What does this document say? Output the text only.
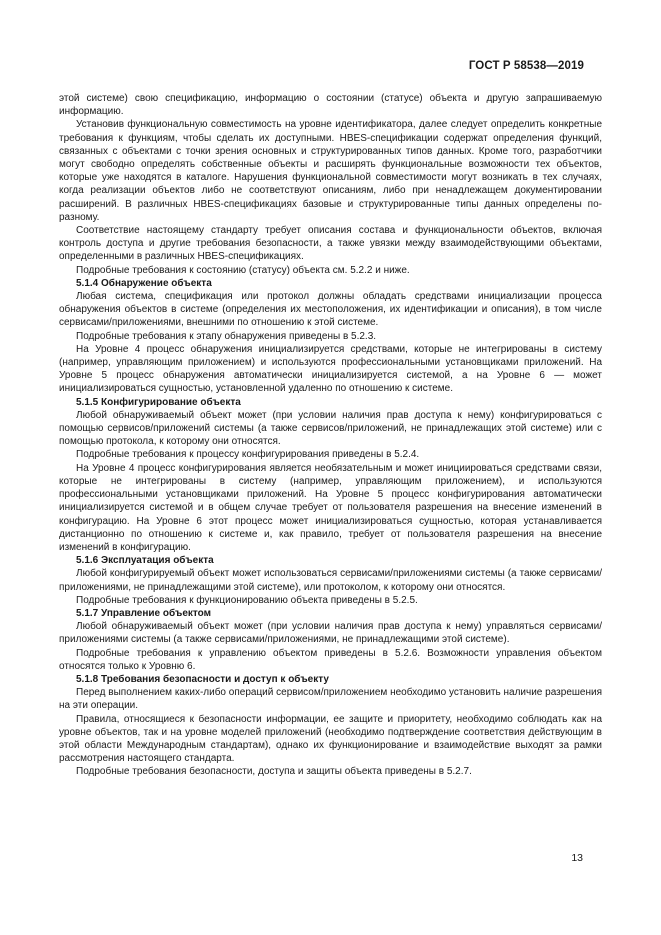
ГОСТ Р 58538—2019

этой системе) свою спецификацию, информацию о состоянии (статусе) объекта и другую запрашиваемую информацию.

Установив функциональную совместимость на уровне идентификатора, далее следует определить конкретные требования к функциям, чтобы сделать их доступными. HBES-спецификации содержат определения функций, связанных с объектами с точки зрения основных и структурированных типов данных. Кроме того, разработчики могут свободно определять собственные объекты и расширять функциональные возможности тех объектов, которые уже находятся в каталоге. Нарушения функциональной совместимости могут возникать в тех случаях, когда реализации объектов либо не соответствуют описаниям, либо при ненадлежащем документировании расширений. В различных HBES-спецификациях базовые и структурированные типы данных определены по-разному.

Соответствие настоящему стандарту требует описания состава и функциональности объектов, включая контроль доступа и другие требования безопасности, а также увязки между взаимодействующими объектами, определенными в различных HBES-спецификациях.

Подробные требования к состоянию (статусу) объекта см. 5.2.2 и ниже.

5.1.4 Обнаружение объекта

Любая система, спецификация или протокол должны обладать средствами инициализации процесса обнаружения объектов в системе (определения их местоположения, их идентификации и описания), в том числе сервисами/приложениями, внешними по отношению к этой системе.

Подробные требования к этапу обнаружения приведены в 5.2.3.

На Уровне 4 процесс обнаружения инициализируется средствами, которые не интегрированы в систему (например, управляющим приложением) и используются профессиональными установщиками приложений. На Уровне 5 процесс обнаружения автоматически инициализируется системой, а на Уровне 6 — может инициализироваться сущностью, установленной удаленно по отношению к системе.

5.1.5 Конфигурирование объекта

Любой обнаруживаемый объект может (при условии наличия прав доступа к нему) конфигурироваться с помощью сервисов/приложений системы (а также сервисов/приложений, не принадлежащих этой системе) или с помощью протокола, к которому они относятся.

Подробные требования к процессу конфигурирования приведены в 5.2.4.

На Уровне 4 процесс конфигурирования является необязательным и может инициироваться средствами связи, которые не интегрированы в систему (например, управляющим приложением), и используются профессиональными установщиками приложений. На Уровне 5 процесс конфигурирования автоматически инициализируется системой и в общем случае требует от пользователя разрешения на внесение изменений в конфигурацию. На Уровне 6 этот процесс может инициализироваться сущностью, которая устанавливается дистанционно по отношению к системе и, как правило, требует от пользователя разрешения на внесение изменений в конфигурацию.

5.1.6 Эксплуатация объекта

Любой конфигурируемый объект может использоваться сервисами/приложениями системы (а также сервисами/приложениями, не принадлежащими этой системе), или протоколом, к которому они относятся.

Подробные требования к функционированию объекта приведены в 5.2.5.

5.1.7 Управление объектом

Любой обнаруживаемый объект может (при условии наличия прав доступа к нему) управляться сервисами/приложениями системы (а также сервисами/приложениями, не принадлежащими этой системе).

Подробные требования к управлению объектом приведены в 5.2.6. Возможности управления объектом относятся только к Уровню 6.

5.1.8 Требования безопасности и доступ к объекту

Перед выполнением каких-либо операций сервисом/приложением необходимо установить наличие разрешения на эти операции.

Правила, относящиеся к безопасности информации, ее защите и приоритету, необходимо соблюдать как на уровне объектов, так и на уровне моделей приложений (необходимо подтверждение соответствия действующим в этой области Международным стандартам), однако их функционирование и взаимодействие выходят за рамки рассмотрения настоящего стандарта.

Подробные требования безопасности, доступа и защиты объекта приведены в 5.2.7.

13
